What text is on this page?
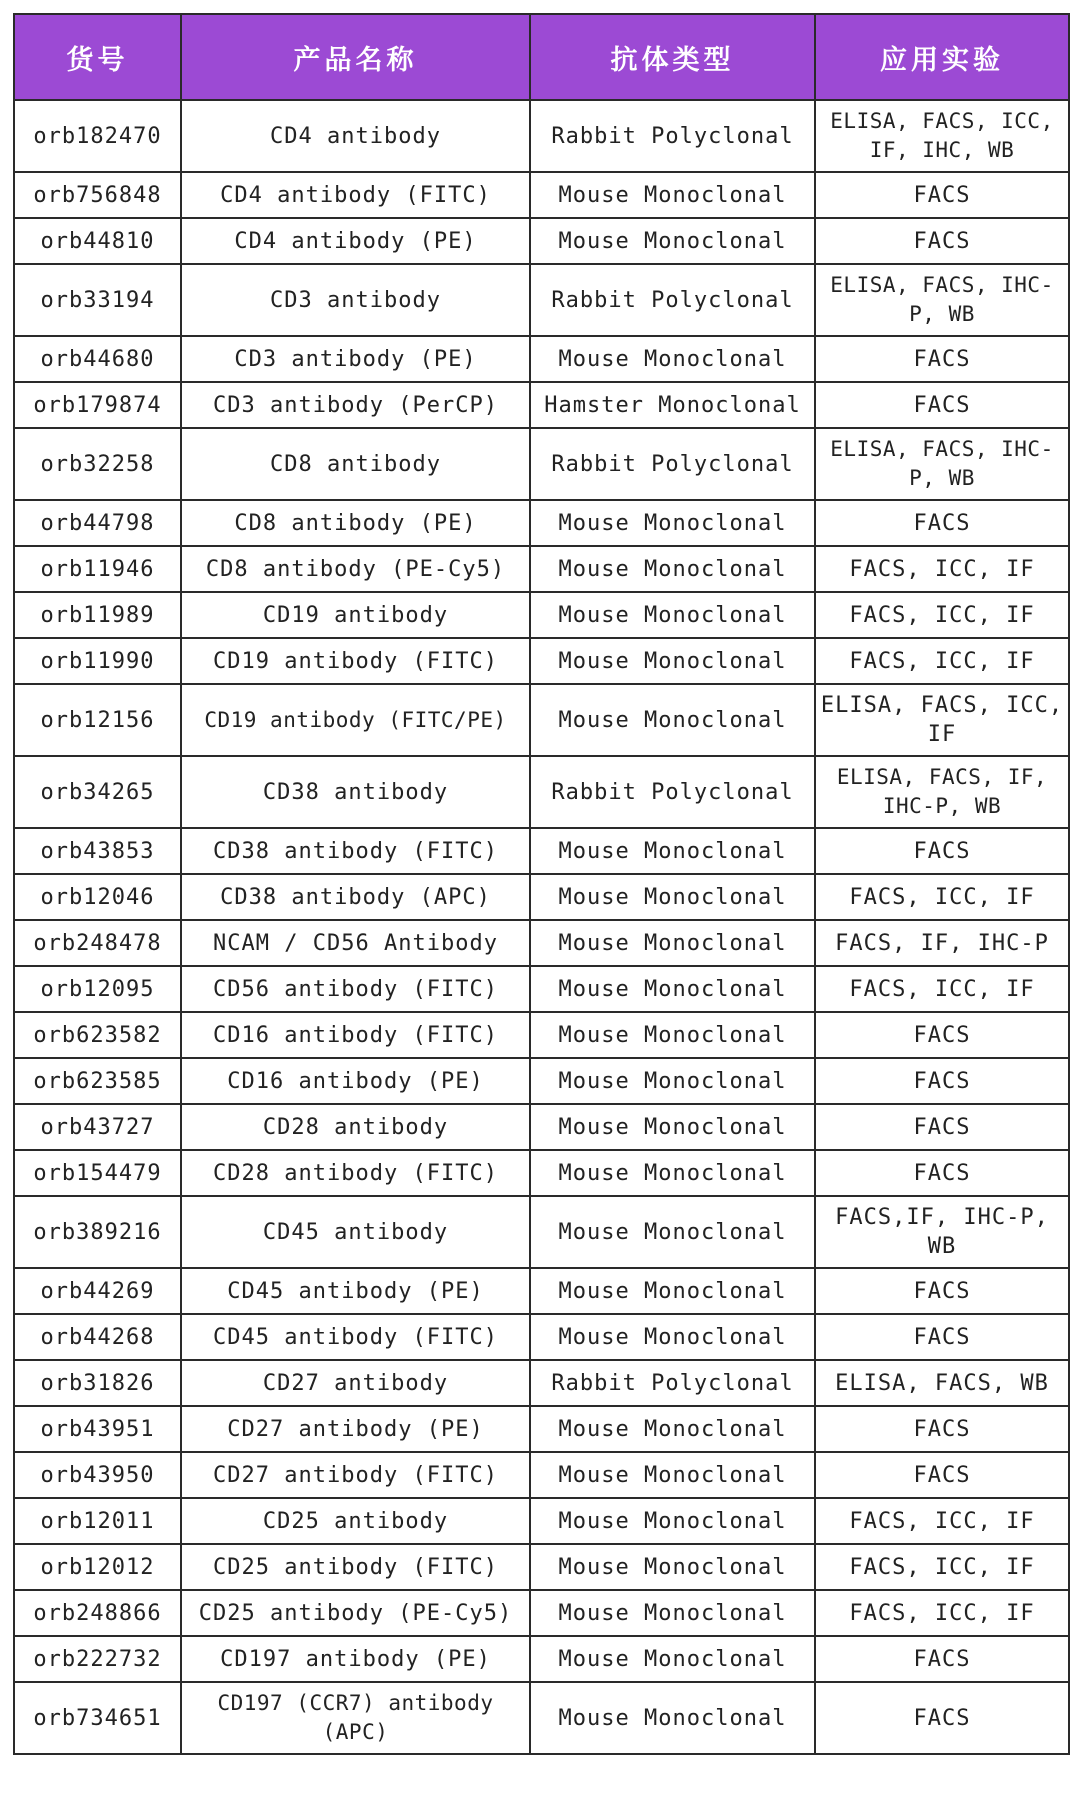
货号	产品名称	抗体类型	应用实验
orb182470	CD4 antibody	Rabbit Polyclonal	ELISA, FACS, ICC, IF, IHC, WB
orb756848	CD4 antibody (FITC)	Mouse Monoclonal	FACS
orb44810	CD4 antibody (PE)	Mouse Monoclonal	FACS
orb33194	CD3 antibody	Rabbit Polyclonal	ELISA, FACS, IHC-P, WB
orb44680	CD3 antibody (PE)	Mouse Monoclonal	FACS
orb179874	CD3 antibody (PerCP)	Hamster Monoclonal	FACS
orb32258	CD8 antibody	Rabbit Polyclonal	ELISA, FACS, IHC-P, WB
orb44798	CD8 antibody (PE)	Mouse Monoclonal	FACS
orb11946	CD8 antibody (PE-Cy5)	Mouse Monoclonal	FACS, ICC, IF
orb11989	CD19 antibody	Mouse Monoclonal	FACS, ICC, IF
orb11990	CD19 antibody (FITC)	Mouse Monoclonal	FACS, ICC, IF
orb12156	CD19 antibody (FITC/PE)	Mouse Monoclonal	ELISA, FACS, ICC, IF
orb34265	CD38 antibody	Rabbit Polyclonal	ELISA, FACS, IF, IHC-P, WB
orb43853	CD38 antibody (FITC)	Mouse Monoclonal	FACS
orb12046	CD38 antibody (APC)	Mouse Monoclonal	FACS, ICC, IF
orb248478	NCAM / CD56 Antibody	Mouse Monoclonal	FACS, IF, IHC-P
orb12095	CD56 antibody (FITC)	Mouse Monoclonal	FACS, ICC, IF
orb623582	CD16 antibody (FITC)	Mouse Monoclonal	FACS
orb623585	CD16 antibody (PE)	Mouse Monoclonal	FACS
orb43727	CD28 antibody	Mouse Monoclonal	FACS
orb154479	CD28 antibody (FITC)	Mouse Monoclonal	FACS
orb389216	CD45 antibody	Mouse Monoclonal	FACS,IF, IHC-P, WB
orb44269	CD45 antibody (PE)	Mouse Monoclonal	FACS
orb44268	CD45 antibody (FITC)	Mouse Monoclonal	FACS
orb31826	CD27 antibody	Rabbit Polyclonal	ELISA, FACS, WB
orb43951	CD27 antibody (PE)	Mouse Monoclonal	FACS
orb43950	CD27 antibody (FITC)	Mouse Monoclonal	FACS
orb12011	CD25 antibody	Mouse Monoclonal	FACS, ICC, IF
orb12012	CD25 antibody (FITC)	Mouse Monoclonal	FACS, ICC, IF
orb248866	CD25 antibody (PE-Cy5)	Mouse Monoclonal	FACS, ICC, IF
orb222732	CD197 antibody (PE)	Mouse Monoclonal	FACS
orb734651	CD197 (CCR7) antibody (APC)	Mouse Monoclonal	FACS
